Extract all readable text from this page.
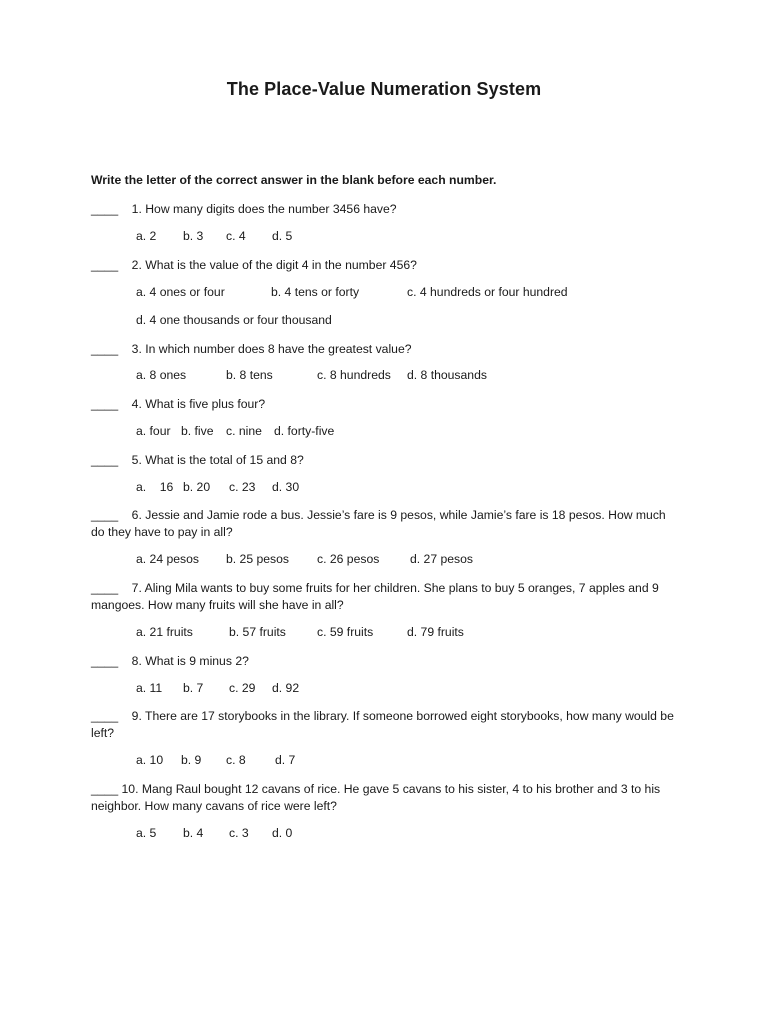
The Place-Value Numeration System
Write the letter of the correct answer in the blank before each number.
____ 1. How many digits does the number 3456 have?
a. 2 b. 3 c. 4 d. 5
____ 2. What is the value of the digit 4 in the number 456?
a. 4 ones or four	b. 4 tens or forty	c. 4 hundreds or four hundred
d. 4 one thousands or four thousand
____ 3. In which number does 8 have the greatest value?
a. 8 ones	b. 8 tens	c. 8 hundreds d. 8 thousands
____ 4. What is five plus four?
a. four b. five c. nine d. forty-five
____ 5. What is the total of 15 and 8?
a.    16 b. 20 c. 23 d. 30
____ 6. Jessie and Jamie rode a bus. Jessie’s fare is 9 pesos, while Jamie’s fare is 18 pesos. How much do they have to pay in all?
a. 24 pesos b. 25 pesos c. 26 pesos	d. 27 pesos
____ 7. Aling Mila wants to buy some fruits for her children. She plans to buy 5 oranges, 7 apples and 9 mangoes. How many fruits will she have in all?
a. 21 fruits	b. 57 fruits	c. 59 fruits	d. 79 fruits
____ 8. What is 9 minus 2?
a. 11 b. 7 c. 29 d. 92
____ 9. There are 17 storybooks in the library. If someone borrowed eight storybooks, how many would be left?
a. 10 b. 9 c. 8 d. 7
____ 10. Mang Raul bought 12 cavans of rice. He gave 5 cavans to his sister, 4 to his brother and 3 to his neighbor. How many cavans of rice were left?
a. 5 b. 4 c. 3 d. 0
